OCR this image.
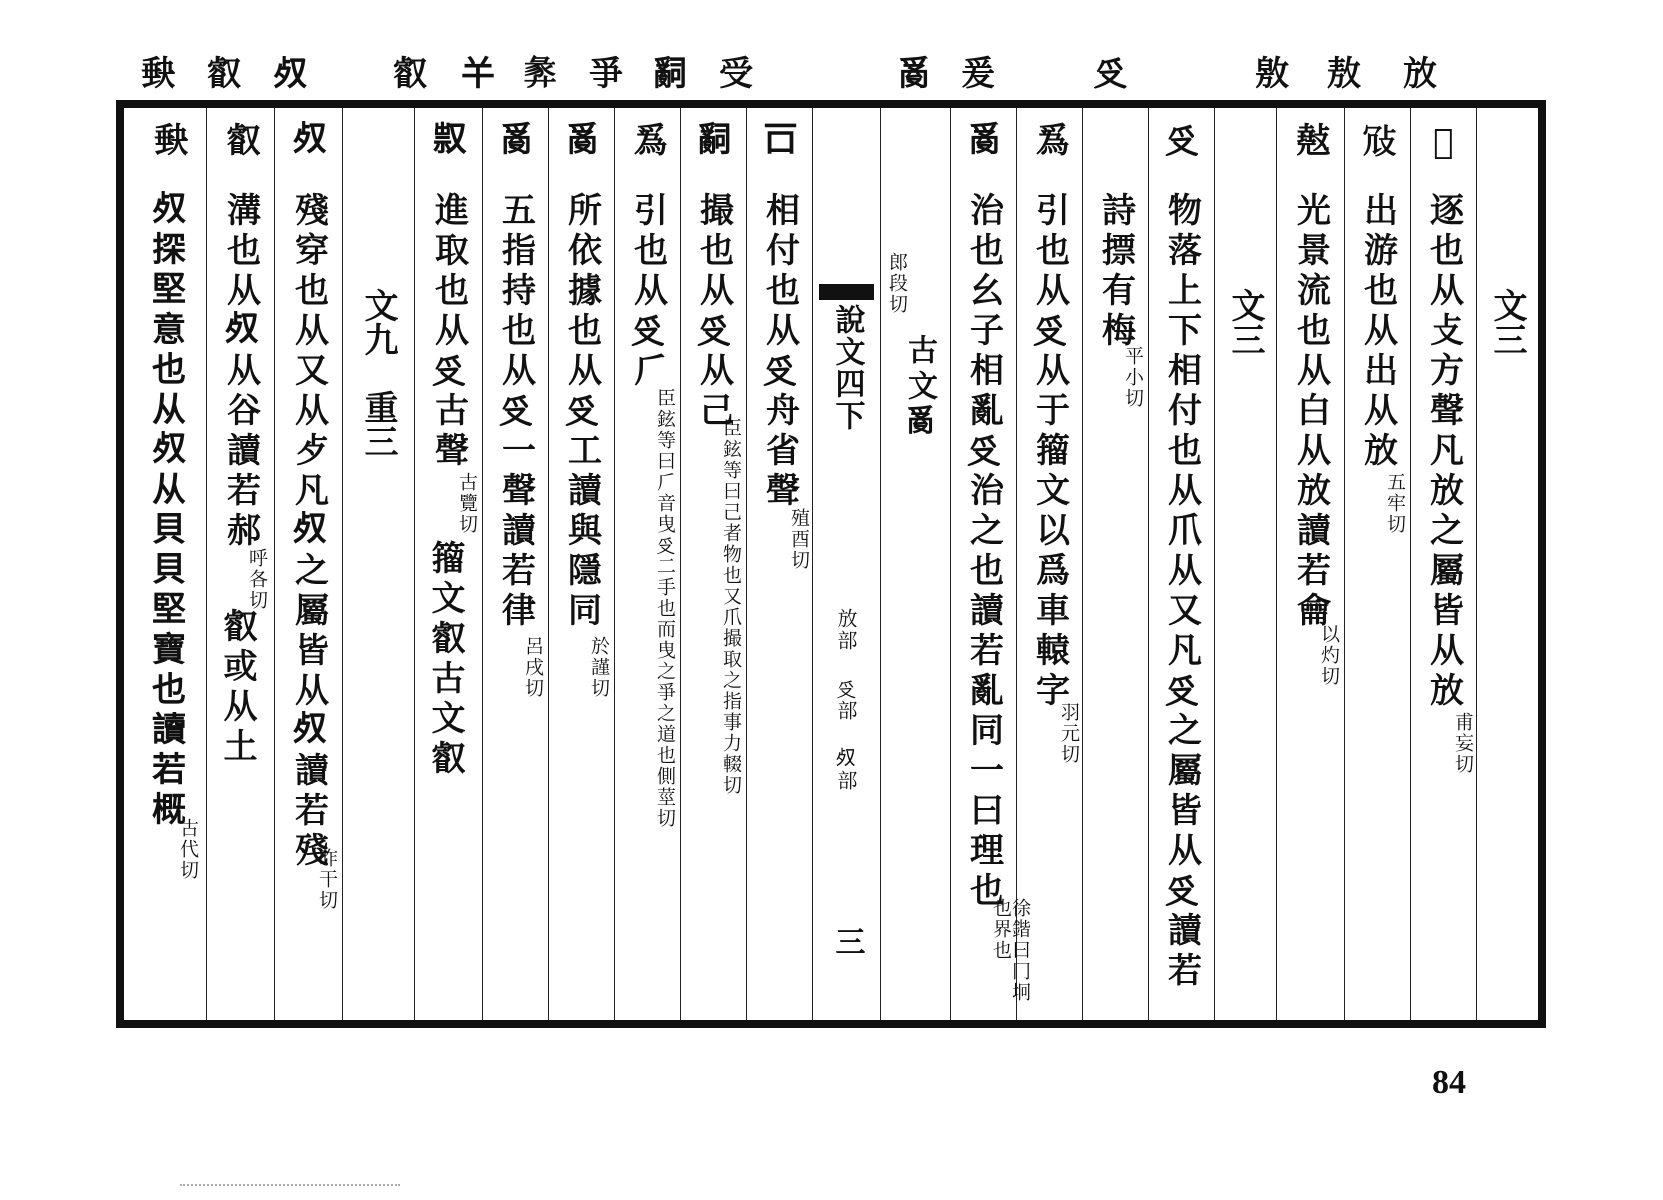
放
敖
敫
𠬪
爰
𤔔
受
𤔲
爭
𢍝
𢆉
叡
𣦼
叡
𡙇
文三
𢼂
逐也从攴方聲凡放之屬皆从放
甫妄切
𢼀
出游也从出从放
五牢切
𢿣
光景流也从白从放讀若龠
以灼切
文三
𠬪
物落上下相付也从爪从又凡𠬪之屬皆从𠬪讀若
詩摽有梅
平小切
𤔡
引也从𠬪从于籀文以爲車轅字
羽元切
𤔔
治也幺子相亂𠬪治之也讀若亂同一曰理也
徐鍇曰冂坰也界也
郎段切
古文𤔔
說文四下
放部 𠬪部 𣦼部
三
𠮛
相付也从𠬪舟省聲
殖酉切
𤔲
撮也从𠬪从己
臣鉉等曰己者物也又爪撮取之指事力輟切
𤔡
引也从𠬪𠂆
臣鉉等曰𠂆音曳𠬪二手也而曳之爭之道也側莖切
𤔔
所依據也从𠬪工讀與隱同
於謹切
𤔔
五指持也从𠬪一聲讀若律
呂戌切
𠭥
進取也从𠬪古聲
古覽切
籀文叡古文叡
文九　重三
𣦼
殘穿也从又从歺凡𣦼之屬皆从𣦼讀若殘
昨干切
叡
溝也从𣦼从谷讀若郝
呼各切
叡或从土
𡙇
𣦼探堅意也从𣦼从貝貝堅寶也讀若概
古代切
84
